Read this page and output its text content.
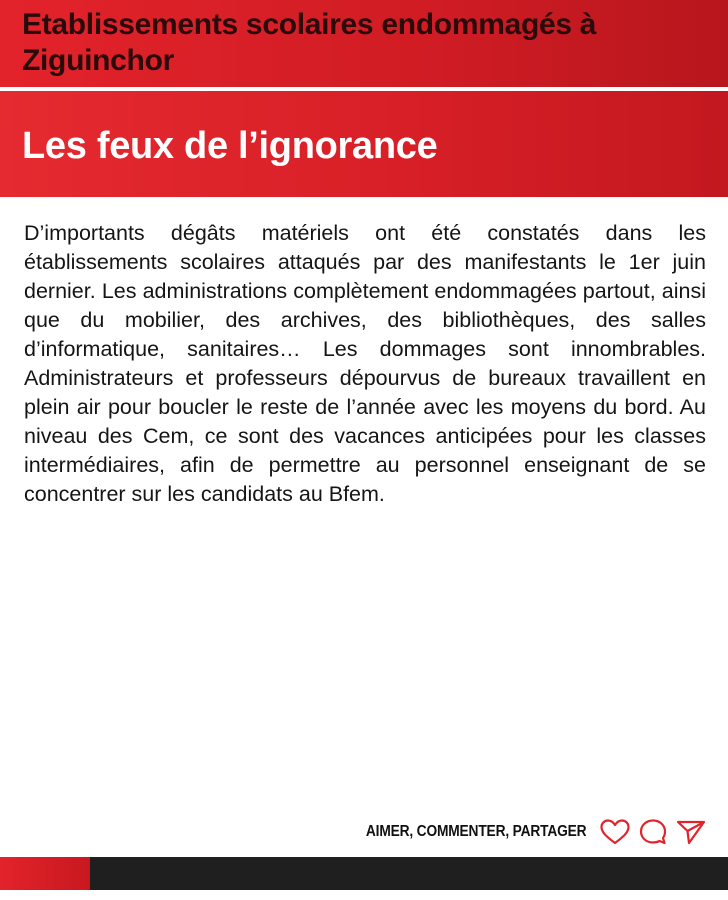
Etablissements scolaires endommagés à Ziguinchor
Les feux de l’ignorance

D’importants dégâts matériels ont été constatés dans les établissements scolaires attaqués par des manifestants le 1er juin dernier. Les administrations complètement endommagées partout, ainsi que du mobilier, des archives, des bibliothèques, des salles d’informatique, sanitaires… Les dommages sont innombrables. Administrateurs et professeurs dépourvus de bureaux travaillent en plein air pour boucler le reste de l’année avec les moyens du bord. Au niveau des Cem, ce sont des vacances anticipées pour les classes intermédiaires, afin de permettre au personnel enseignant de se concentrer sur les candidats au Bfem.

AIMER, COMMENTER, PARTAGER
